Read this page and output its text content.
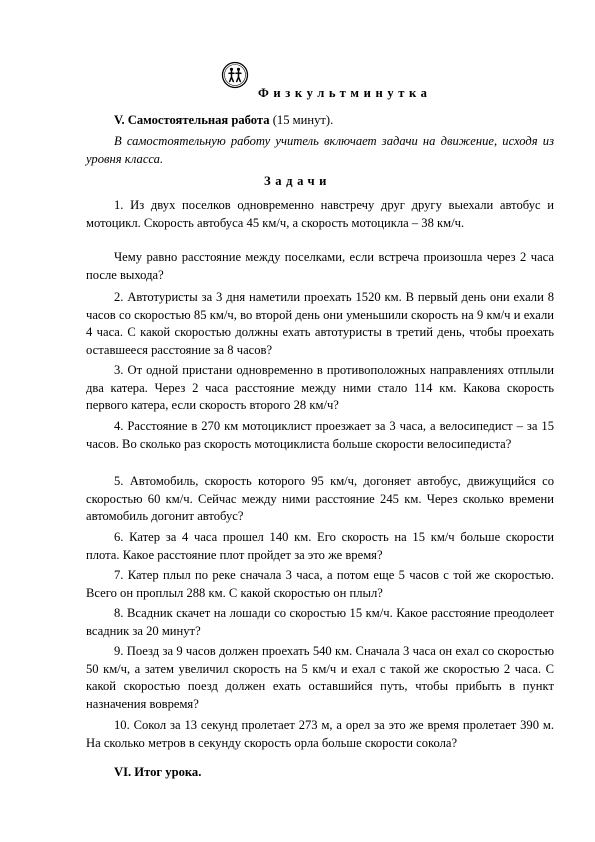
Физкультминутка
V. Самостоятельная работа (15 минут).
В самостоятельную работу учитель включает задачи на движение, исходя из уровня класса.
Задачи
1. Из двух поселков одновременно навстречу друг другу выехали автобус и мотоцикл. Скорость автобуса 45 км/ч, а скорость мотоцикла – 38 км/ч.
Чему равно расстояние между поселками, если встреча произошла через 2 часа после выхода?
2. Автотуристы за 3 дня наметили проехать 1520 км. В первый день они ехали 8 часов со скоростью 85 км/ч, во второй день они уменьшили скорость на 9 км/ч и ехали 4 часа. С какой скоростью должны ехать автотуристы в третий день, чтобы проехать оставшееся расстояние за 8 часов?
3. От одной пристани одновременно в противоположных направлениях отплыли два катера. Через 2 часа расстояние между ними стало 114 км. Какова скорость первого катера, если скорость второго 28 км/ч?
4. Расстояние в 270 км мотоциклист проезжает за 3 часа, а велосипедист – за 15 часов. Во сколько раз скорость мотоциклиста больше скорости велосипедиста?
5. Автомобиль, скорость которого 95 км/ч, догоняет автобус, движущийся со скоростью 60 км/ч. Сейчас между ними расстояние 245 км. Через сколько времени автомобиль догонит автобус?
6. Катер за 4 часа прошел 140 км. Его скорость на 15 км/ч больше скорости плота. Какое расстояние плот пройдет за это же время?
7. Катер плыл по реке сначала 3 часа, а потом еще 5 часов с той же скоростью. Всего он проплыл 288 км. С какой скоростью он плыл?
8. Всадник скачет на лошади со скоростью 15 км/ч. Какое расстояние преодолеет всадник за 20 минут?
9. Поезд за 9 часов должен проехать 540 км. Сначала 3 часа он ехал со скоростью 50 км/ч, а затем увеличил скорость на 5 км/ч и ехал с такой же скоростью 2 часа. С какой скоростью поезд должен ехать оставшийся путь, чтобы прибыть в пункт назначения вовремя?
10. Сокол за 13 секунд пролетает 273 м, а орел за это же время пролетает 390 м. На сколько метров в секунду скорость орла больше скорости сокола?
VI. Итог урока.
